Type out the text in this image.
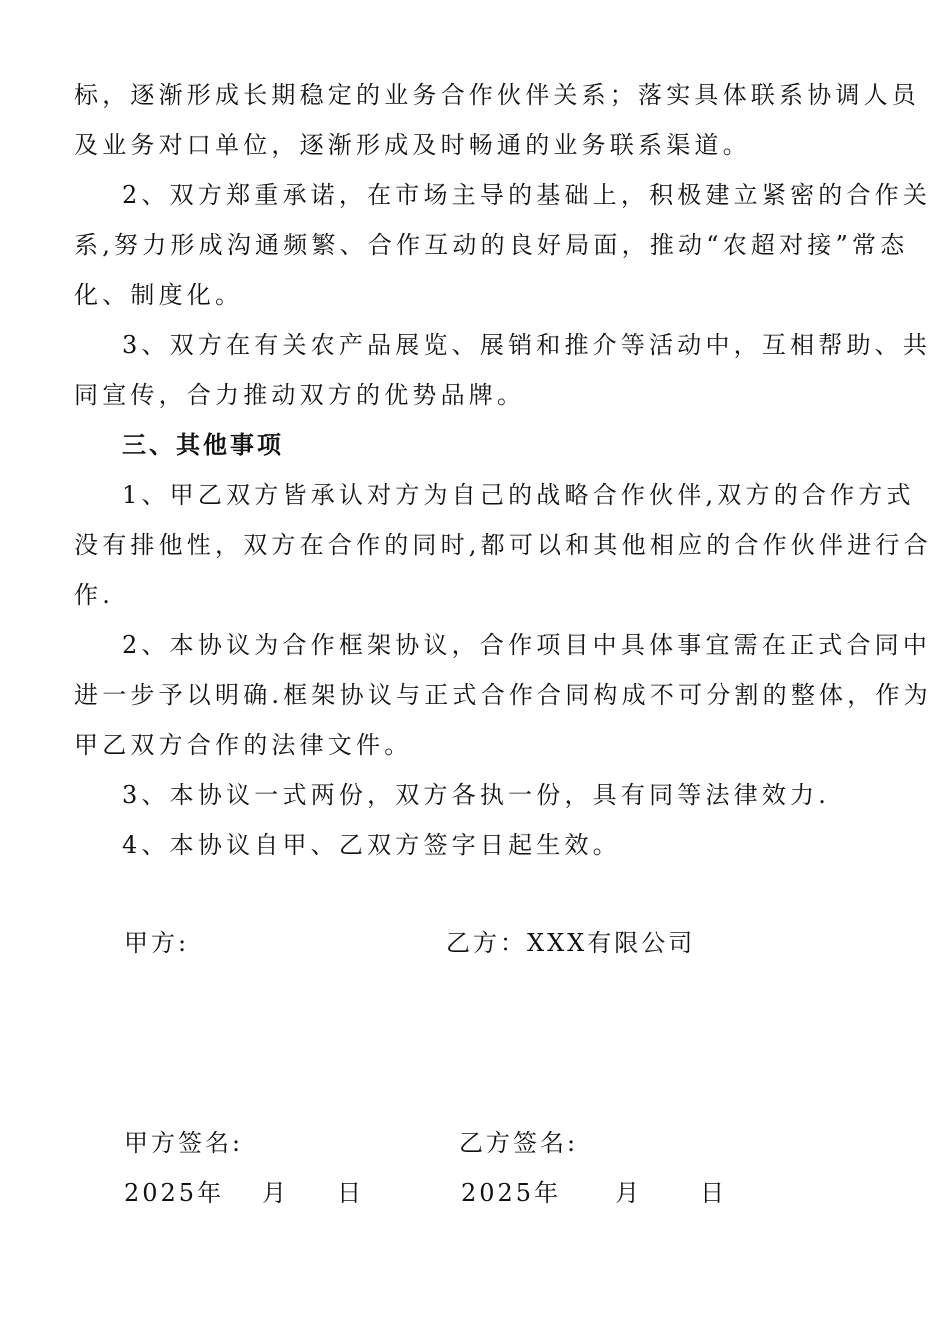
标，逐渐形成长期稳定的业务合作伙伴关系；落实具体联系协调人员
及业务对口单位，逐渐形成及时畅通的业务联系渠道。
2、双方郑重承诺，在市场主导的基础上，积极建立紧密的合作关
系,努力形成沟通频繁、合作互动的良好局面，推动“农超对接”常态
化、制度化。
3、双方在有关农产品展览、展销和推介等活动中，互相帮助、共
同宣传，合力推动双方的优势品牌。
三、其他事项
1、甲乙双方皆承认对方为自己的战略合作伙伴,双方的合作方式
没有排他性，双方在合作的同时,都可以和其他相应的合作伙伴进行合
作.
2、本协议为合作框架协议，合作项目中具体事宜需在正式合同中
进一步予以明确.框架协议与正式合作合同构成不可分割的整体，作为
甲乙双方合作的法律文件。
3、本协议一式两份，双方各执一份，具有同等法律效力.
4、本协议自甲、乙双方签字日起生效。
甲方:	乙方：XXX有限公司
甲方签名:	乙方签名:
2025年 月 日	2025年 月 日
